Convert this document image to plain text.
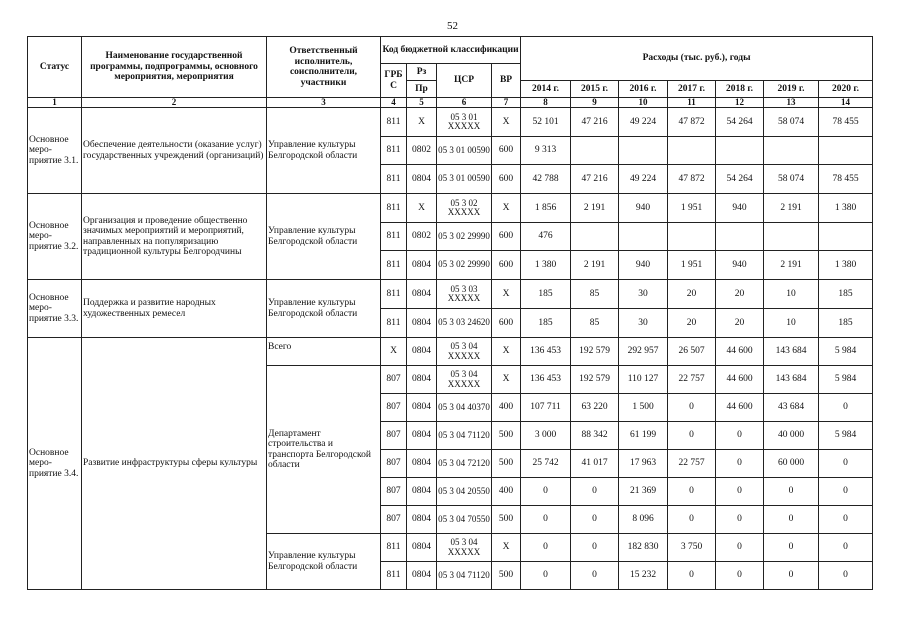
52
Статус	Наименование государственной программы, подпрограммы, основного мероприятия, мероприятия	Ответственный исполнитель, соисполнители, участники	Код бюджетной классификации				Расходы (тыс. руб.), годы						
			ГРБ С	Рз	ЦСР	ВР							
				Пр			2014 г.	2015 г.	2016 г.	2017 г.	2018 г.	2019 г.	2020 г.
1	2	3	4	5	6	7	8	9	10	11	12	13	14
Основное меро-приятие 3.1.	Обеспечение деятельности (оказание услуг) государственных учреждений (организаций)	Управление культуры Белгородской области	811	X	05 3 01 XXXXX	X	52 101	47 216	49 224	47 872	54 264	58 074	78 455
			811	0802	05 3 01 00590	600	9 313						
			811	0804	05 3 01 00590	600	42 788	47 216	49 224	47 872	54 264	58 074	78 455
Основное меро-приятие 3.2.	Организация и проведение общественно значимых мероприятий и мероприятий, направленных на популяризацию традиционной культуры Белгородчины	Управление культуры Белгородской области	811	X	05 3 02 XXXXX	X	1 856	2 191	940	1 951	940	2 191	1 380
			811	0802	05 3 02 29990	600	476						
			811	0804	05 3 02 29990	600	1 380	2 191	940	1 951	940	2 191	1 380
Основное меро-приятие 3.3.	Поддержка и развитие народных художественных ремесел	Управление культуры Белгородской области	811	0804	05 3 03 XXXXX	X	185	85	30	20	20	10	185
			811	0804	05 3 03 24620	600	185	85	30	20	20	10	185
Основное меро-приятие 3.4.	Развитие инфраструктуры сферы культуры	Всего	X	0804	05 3 04 XXXXX	X	136 453	192 579	292 957	26 507	44 600	143 684	5 984
		Департамент строительства и транспорта Белгородской области	807	0804	05 3 04 XXXXX	X	136 453	192 579	110 127	22 757	44 600	143 684	5 984
			807	0804	05 3 04 40370	400	107 711	63 220	1 500	0	44 600	43 684	0
			807	0804	05 3 04 71120	500	3 000	88 342	61 199	0	0	40 000	5 984
			807	0804	05 3 04 72120	500	25 742	41 017	17 963	22 757	0	60 000	0
			807	0804	05 3 04 20550	400	0	0	21 369	0	0	0	0
			807	0804	05 3 04 70550	500	0	0	8 096	0	0	0	0
		Управление культуры Белгородской области	811	0804	05 3 04 XXXXX	X	0	0	182 830	3 750	0	0	0
			811	0804	05 3 04 71120	500	0	0	15 232	0	0	0	0
